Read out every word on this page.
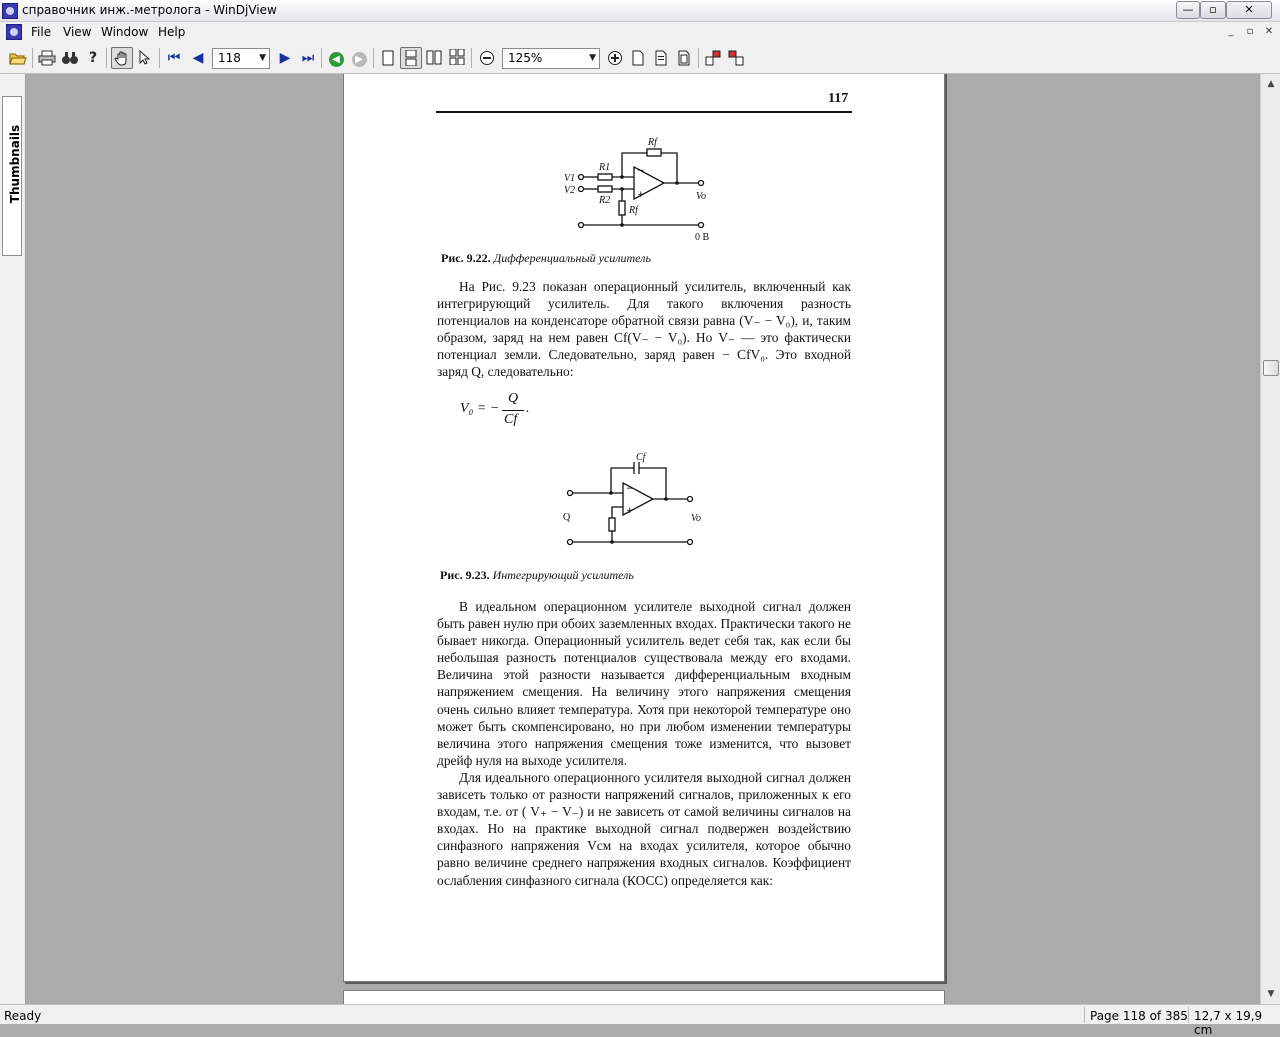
справочник инж.-метролога - WinDjView	—	▫	✕
File View Window Help	_	▫	✕
?	⏮ ◀	118 ▼ ▶ ⏭	◀	▶	125%	▼
Thumbnails
117
−
+
Rf
R1
V1
V2
R2
Rf
Vo
0 B
Рис. 9.22. Дифференциальный усилитель
На Рис. 9.23 показан операционный усилитель, включенный как интегрирующий усилитель. Для такого включения разность потенциалов на конденсаторе обратной связи равна (V₋ − V₀), и, таким образом, заряд на нем равен Cf(V₋ − V₀). Но V₋ — это фактически потенциал земли. Следовательно, заряд равен − CfV₀. Это входной заряд Q, следовательно:
V₀ = −
Q
Cf
.
−
+
Cf
Q	Vo
Рис. 9.23. Интегрирующий усилитель
В идеальном операционном усилителе выходной сигнал должен быть равен нулю при обоих заземленных входах. Практически такого не бывает никогда. Операционный усилитель ведет себя так, как если бы небольшая разность потенциалов существовала между его входами. Величина этой разности называется дифференциальным входным напряжением смещения. На величину этого напряжения смещения очень сильно влияет температура. Хотя при некоторой температуре оно может быть скомпенсировано, но при любом изменении температуры величина этого напряжения смещения тоже изменится, что вызовет дрейф нуля на выходе усилителя.
Для идеального операционного усилителя выходной сигнал должен зависеть только от разности напряжений сигналов, приложенных к его входам, т.е. от ( V₊ − V₋) и не зависеть от самой величины сигналов на входах. Но на практике выходной сигнал подвержен воздействию синфазного напряжения Vсм на входах усилителя, которое обычно равно величине среднего напряжения входных сигналов. Коэффициент ослабления синфазного сигнала (КОСС) определяется как:
▲
▼
Ready	Page 118 of 385 12,7 x 19,9 cm
